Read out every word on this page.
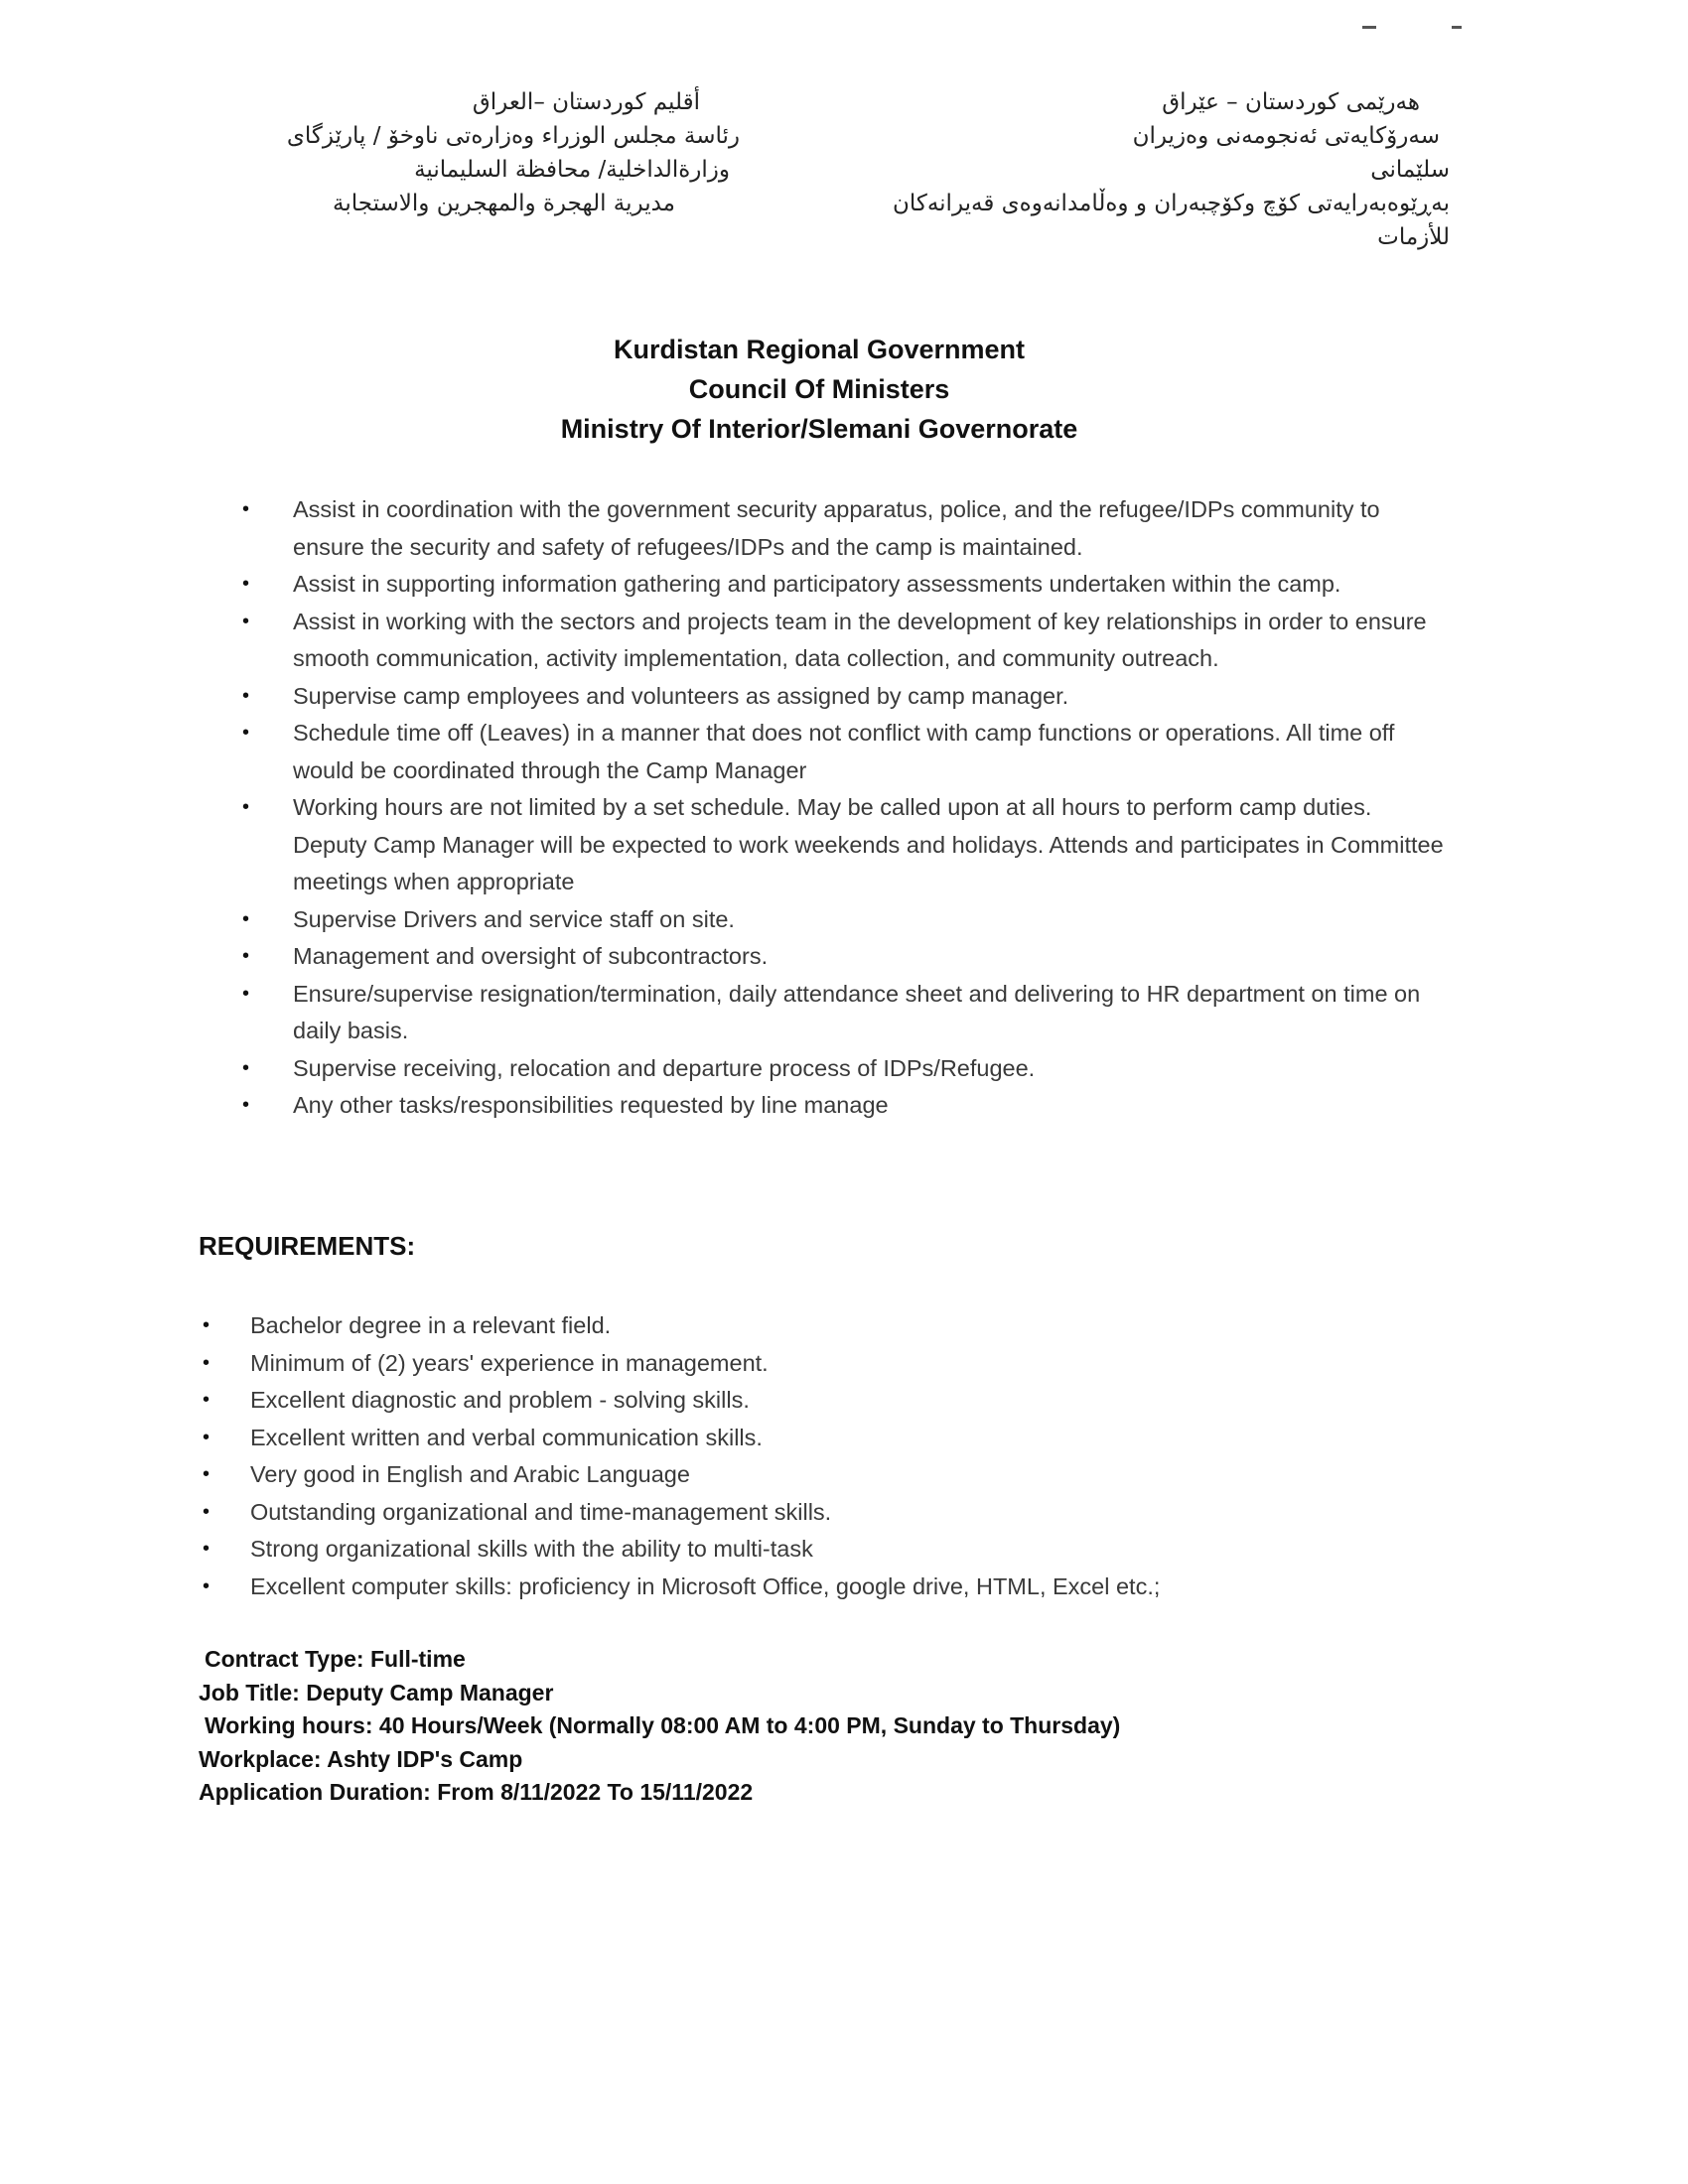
أقليم كوردستان –العراق
رئاسة مجلس الوزراء وەزارەتی ناوخۆ / پارێزگای
وزارةالداخلية/ محافظة السليمانية
مديرية الهجرة والمهجرين والاستجابة
هەرێمی کوردستان – عێراق
سەرۆکایەتی ئەنجومەنی وەزیران
سلێمانی
بەڕێوەبەرایەتی کۆچ وکۆچبەران و وەڵامدانەوەی قەیرانەکان
للأزمات
Kurdistan Regional Government
Council Of Ministers
Ministry Of Interior/Slemani Governorate
• Assist in coordination with the government security apparatus, police, and the refugee/IDPs community to ensure the security and safety of refugees/IDPs and the camp is maintained.
• Assist in supporting information gathering and participatory assessments undertaken within the camp.
• Assist in working with the sectors and projects team in the development of key relationships in order to ensure smooth communication, activity implementation, data collection, and community outreach.
• Supervise camp employees and volunteers as assigned by camp manager.
• Schedule time off (Leaves) in a manner that does not conflict with camp functions or operations. All time off would be coordinated through the Camp Manager
• Working hours are not limited by a set schedule. May be called upon at all hours to perform camp duties. Deputy Camp Manager will be expected to work weekends and holidays. Attends and participates in Committee meetings when appropriate
• Supervise Drivers and service staff on site.
• Management and oversight of subcontractors.
• Ensure/supervise resignation/termination, daily attendance sheet and delivering to HR department on time on daily basis.
• Supervise receiving, relocation and departure process of IDPs/Refugee.
• Any other tasks/responsibilities requested by line manage
REQUIREMENTS:
• Bachelor degree in a relevant field.
• Minimum of (2) years' experience in management.
• Excellent diagnostic and problem - solving skills.
• Excellent written and verbal communication skills.
• Very good in English and Arabic Language
• Outstanding organizational and time-management skills.
• Strong organizational skills with the ability to multi-task
• Excellent computer skills: proficiency in Microsoft Office, google drive, HTML, Excel etc.;
Contract Type: Full-time
Job Title: Deputy Camp Manager
Working hours: 40 Hours/Week (Normally 08:00 AM to 4:00 PM, Sunday to Thursday)
Workplace: Ashty IDP's Camp
Application Duration: From 8/11/2022 To 15/11/2022
